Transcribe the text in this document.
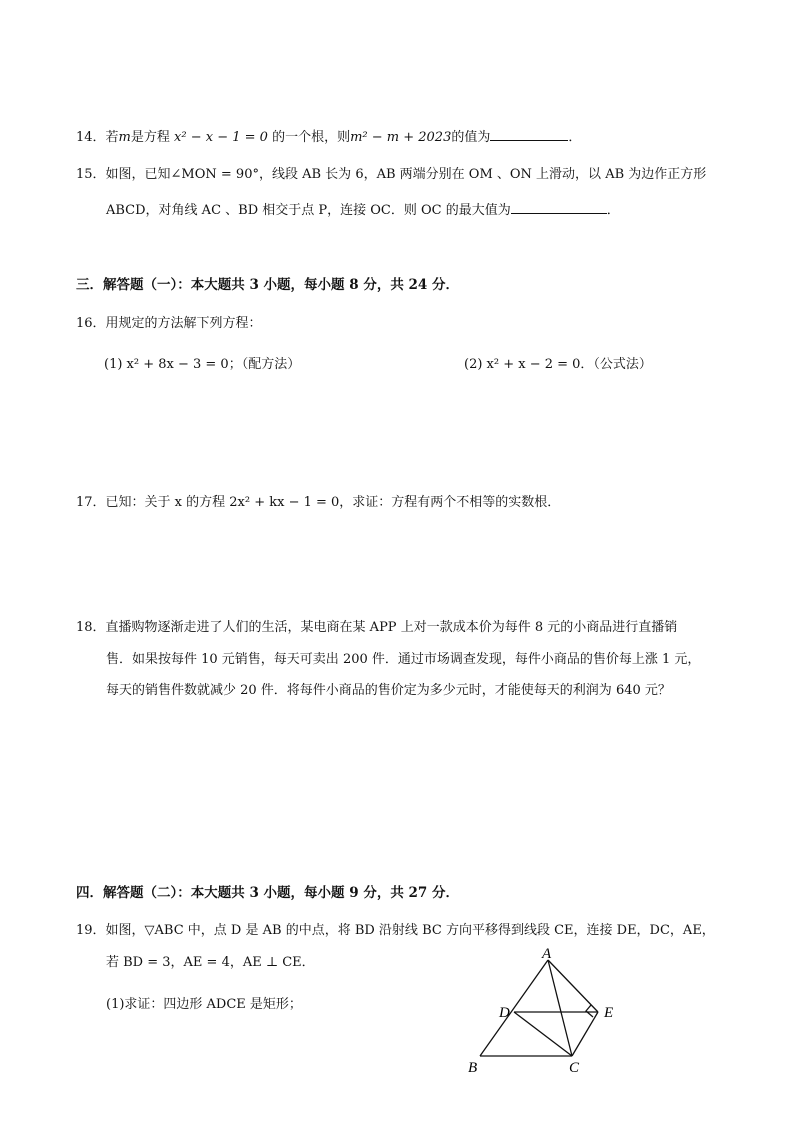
14．若m是方程 x² − x − 1 = 0 的一个根，则m² − m + 2023的值为	．
15．如图，已知∠MON = 90°，线段 AB 长为 6，AB 两端分别在 OM 、ON 上滑动，以 AB 为边作正方形
ABCD，对角线 AC 、BD 相交于点 P，连接 OC．则 OC 的最大值为	．
三．解答题（一）：本大题共 3 小题，每小题 8 分，共 24 分．
16．用规定的方法解下列方程：
(1) x² + 8x − 3 = 0；（配方法）	(2) x² + x − 2 = 0．（公式法）
17．已知：关于 x 的方程 2x² + kx − 1 = 0，求证：方程有两个不相等的实数根．
18．直播购物逐渐走进了人们的生活，某电商在某 APP 上对一款成本价为每件 8 元的小商品进行直播销
售．如果按每件 10 元销售，每天可卖出 200 件．通过市场调查发现，每件小商品的售价每上涨 1 元，
每天的销售件数就减少 20 件．将每件小商品的售价定为多少元时，才能使每天的利润为 640 元？
四．解答题（二）：本大题共 3 小题，每小题 9 分，共 27 分．
19．如图，▽ABC 中，点 D 是 AB 的中点，将 BD 沿射线 BC 方向平移得到线段 CE，连接 DE，DC，AE，
若 BD = 3，AE = 4，AE ⊥ CE．
(1)求证：四边形 ADCE 是矩形；
A
B	C
D	E
